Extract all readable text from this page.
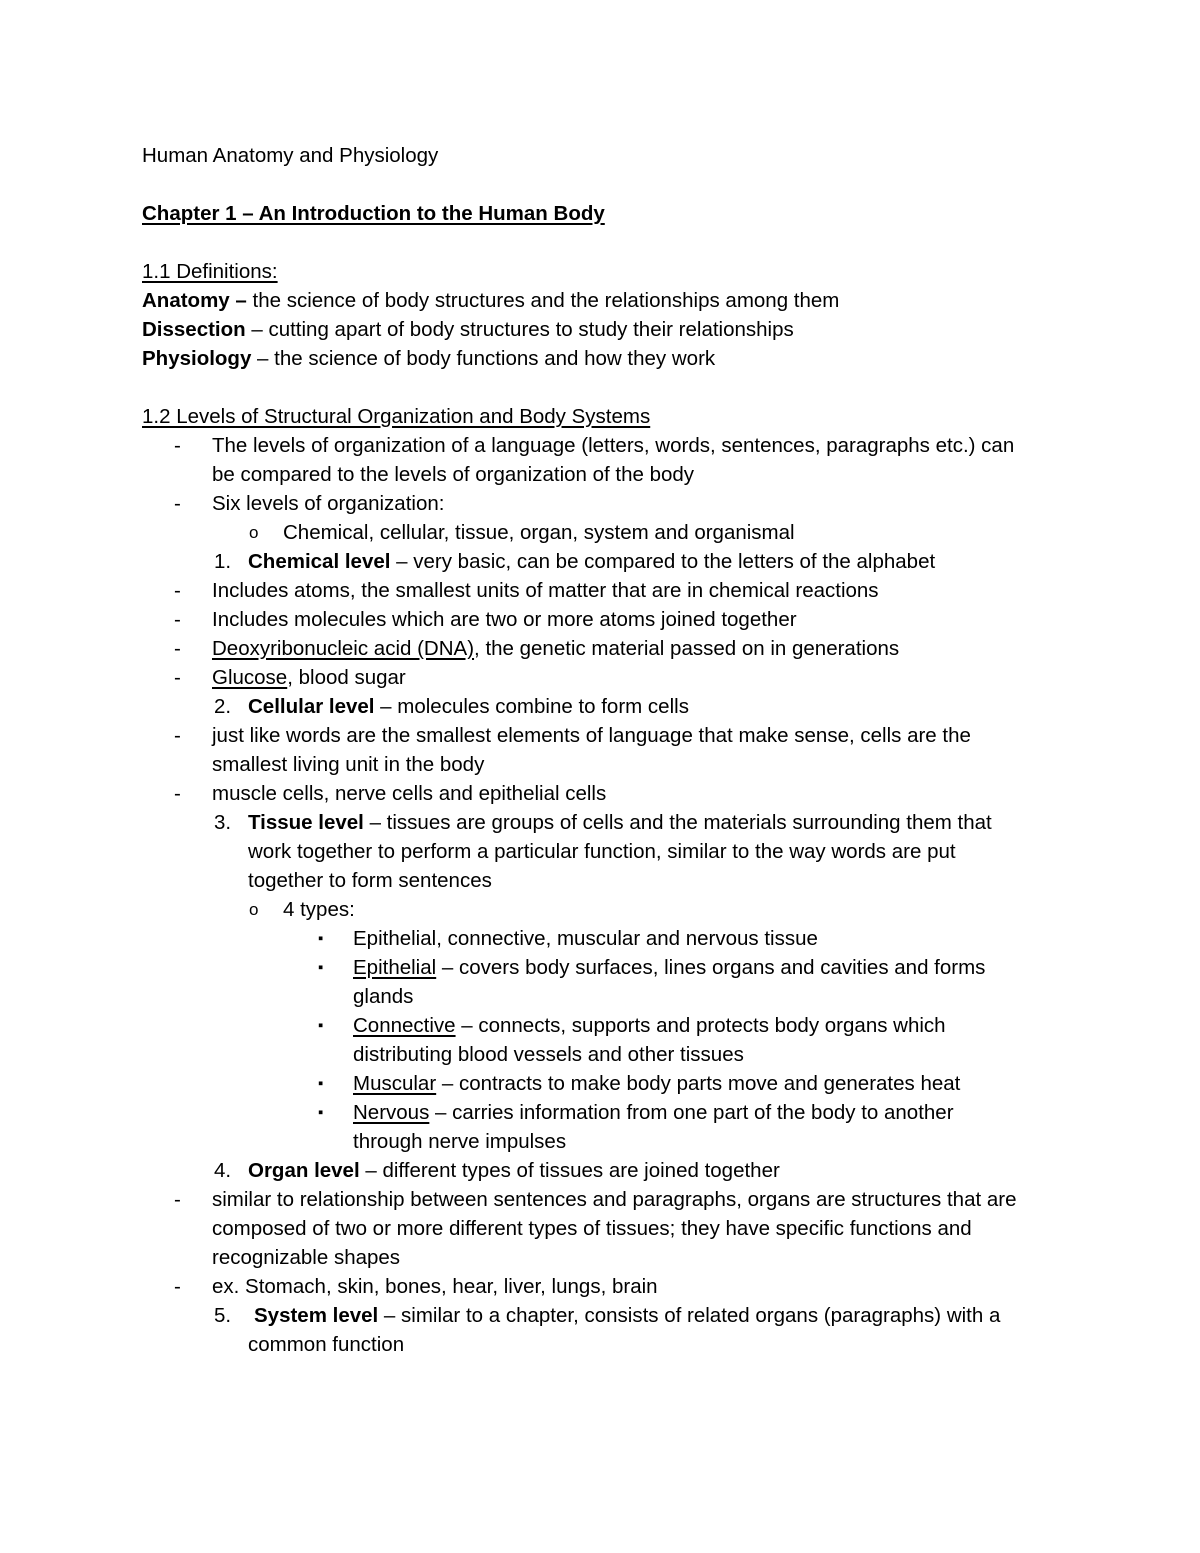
Human Anatomy and Physiology
Chapter 1 – An Introduction to the Human Body
1.1 Definitions:
Anatomy – the science of body structures and the relationships among them
Dissection – cutting apart of body structures to study their relationships
Physiology – the science of body functions and how they work
1.2 Levels of Structural Organization and Body Systems
- The levels of organization of a language (letters, words, sentences, paragraphs etc.) can
be compared to the levels of organization of the body
- Six levels of organization:
o Chemical, cellular, tissue, organ, system and organismal
1. Chemical level – very basic, can be compared to the letters of the alphabet
- Includes atoms, the smallest units of matter that are in chemical reactions
- Includes molecules which are two or more atoms joined together
- Deoxyribonucleic acid (DNA), the genetic material passed on in generations
- Glucose, blood sugar
2. Cellular level – molecules combine to form cells
- just like words are the smallest elements of language that make sense, cells are the
smallest living unit in the body
- muscle cells, nerve cells and epithelial cells
3. Tissue level – tissues are groups of cells and the materials surrounding them that
work together to perform a particular function, similar to the way words are put
together to form sentences
o 4 types:
▪ Epithelial, connective, muscular and nervous tissue
▪ Epithelial – covers body surfaces, lines organs and cavities and forms
glands
▪ Connective – connects, supports and protects body organs which
distributing blood vessels and other tissues
▪ Muscular – contracts to make body parts move and generates heat
▪ Nervous – carries information from one part of the body to another
through nerve impulses
4. Organ level – different types of tissues are joined together
- similar to relationship between sentences and paragraphs, organs are structures that are
composed of two or more different types of tissues; they have specific functions and
recognizable shapes
- ex. Stomach, skin, bones, hear, liver, lungs, brain
5. System level – similar to a chapter, consists of related organs (paragraphs) with a
common function
